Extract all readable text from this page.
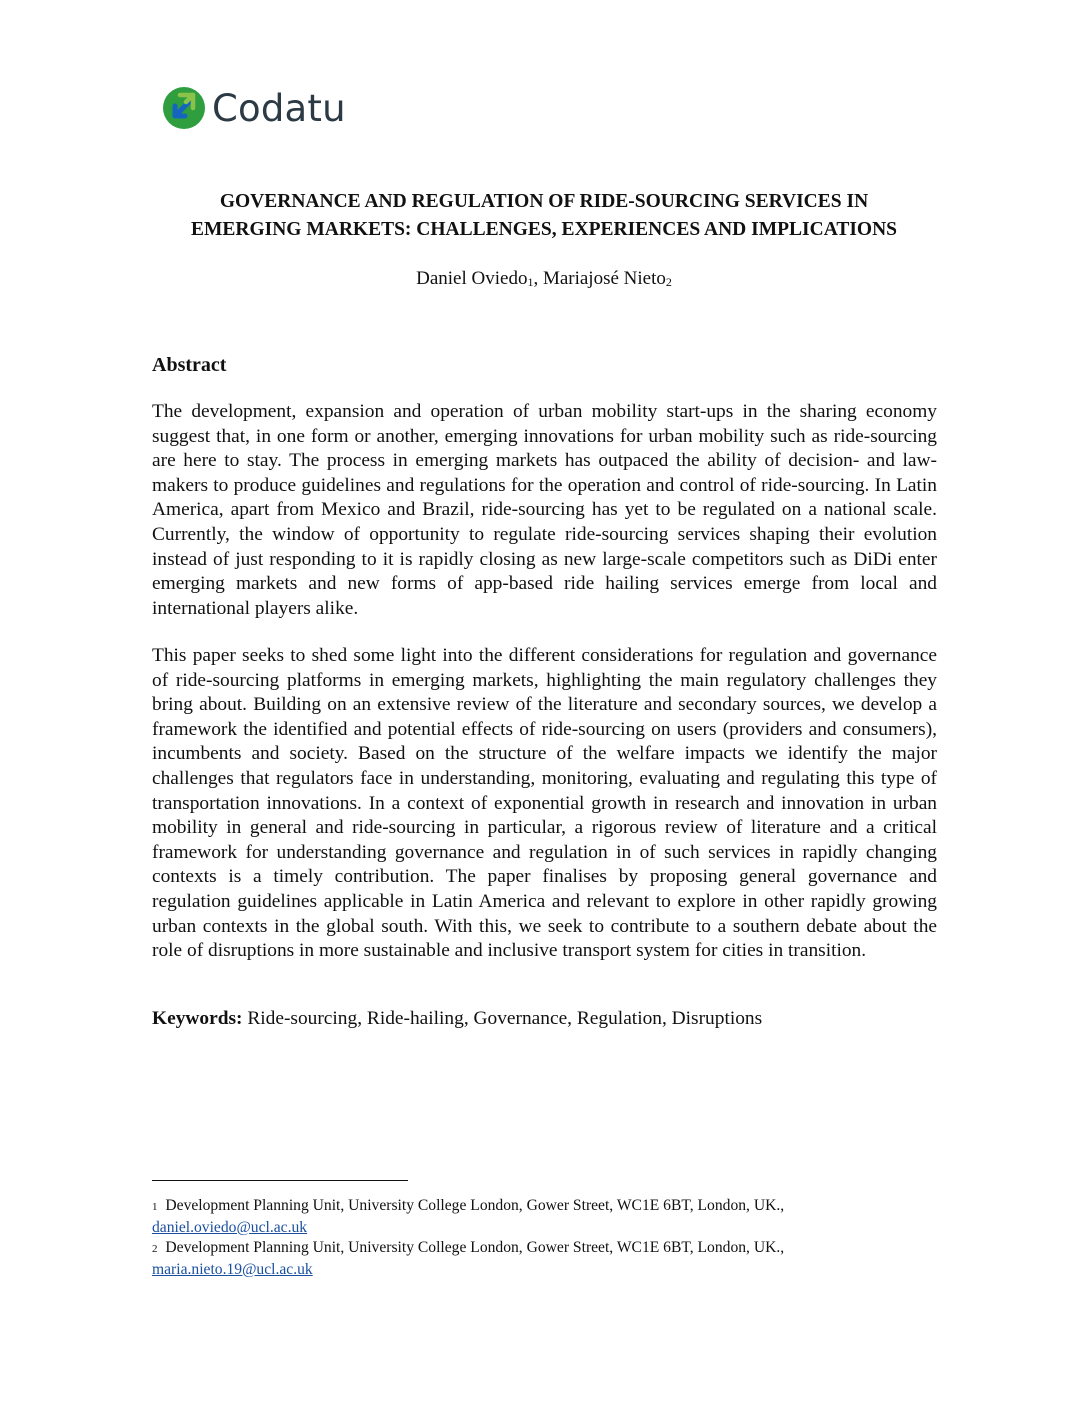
Codatu
GOVERNANCE AND REGULATION OF RIDE-SOURCING SERVICES IN
EMERGING MARKETS: CHALLENGES, EXPERIENCES AND IMPLICATIONS
Daniel Oviedo$_1$, Mariajosé Nieto$_2$
Abstract

The development, expansion and operation of urban mobility start-ups in the sharing economy suggest that, in one form or another, emerging innovations for urban mobility such as ride-sourcing are here to stay. The process in emerging markets has outpaced the ability of decision- and law-makers to produce guidelines and regulations for the operation and control of ride-sourcing. In Latin America, apart from Mexico and Brazil, ride-sourcing has yet to be regulated on a national scale. Currently, the window of opportunity to regulate ride-sourcing services shaping their evolution instead of just responding to it is rapidly closing as new large-scale competitors such as DiDi enter emerging markets and new forms of app-based ride hailing services emerge from local and international players alike.

This paper seeks to shed some light into the different considerations for regulation and governance of ride-sourcing platforms in emerging markets, highlighting the main regulatory challenges they bring about. Building on an extensive review of the literature and secondary sources, we develop a framework the identified and potential effects of ride-sourcing on users (providers and consumers), incumbents and society. Based on the structure of the welfare impacts we identify the major challenges that regulators face in understanding, monitoring, evaluating and regulating this type of transportation innovations. In a context of exponential growth in research and innovation in urban mobility in general and ride-sourcing in particular, a rigorous review of literature and a critical framework for understanding governance and regulation in of such services in rapidly changing contexts is a timely contribution. The paper finalises by proposing general governance and regulation guidelines applicable in Latin America and relevant to explore in other rapidly growing urban contexts in the global south. With this, we seek to contribute to a southern debate about the role of disruptions in more sustainable and inclusive transport system for cities in transition.

Keywords: Ride-sourcing, Ride-hailing, Governance, Regulation, Disruptions

1 Development Planning Unit, University College London, Gower Street, WC1E 6BT, London, UK.,
daniel.oviedo@ucl.ac.uk

2 Development Planning Unit, University College London, Gower Street, WC1E 6BT, London, UK.,
maria.nieto.19@ucl.ac.uk
